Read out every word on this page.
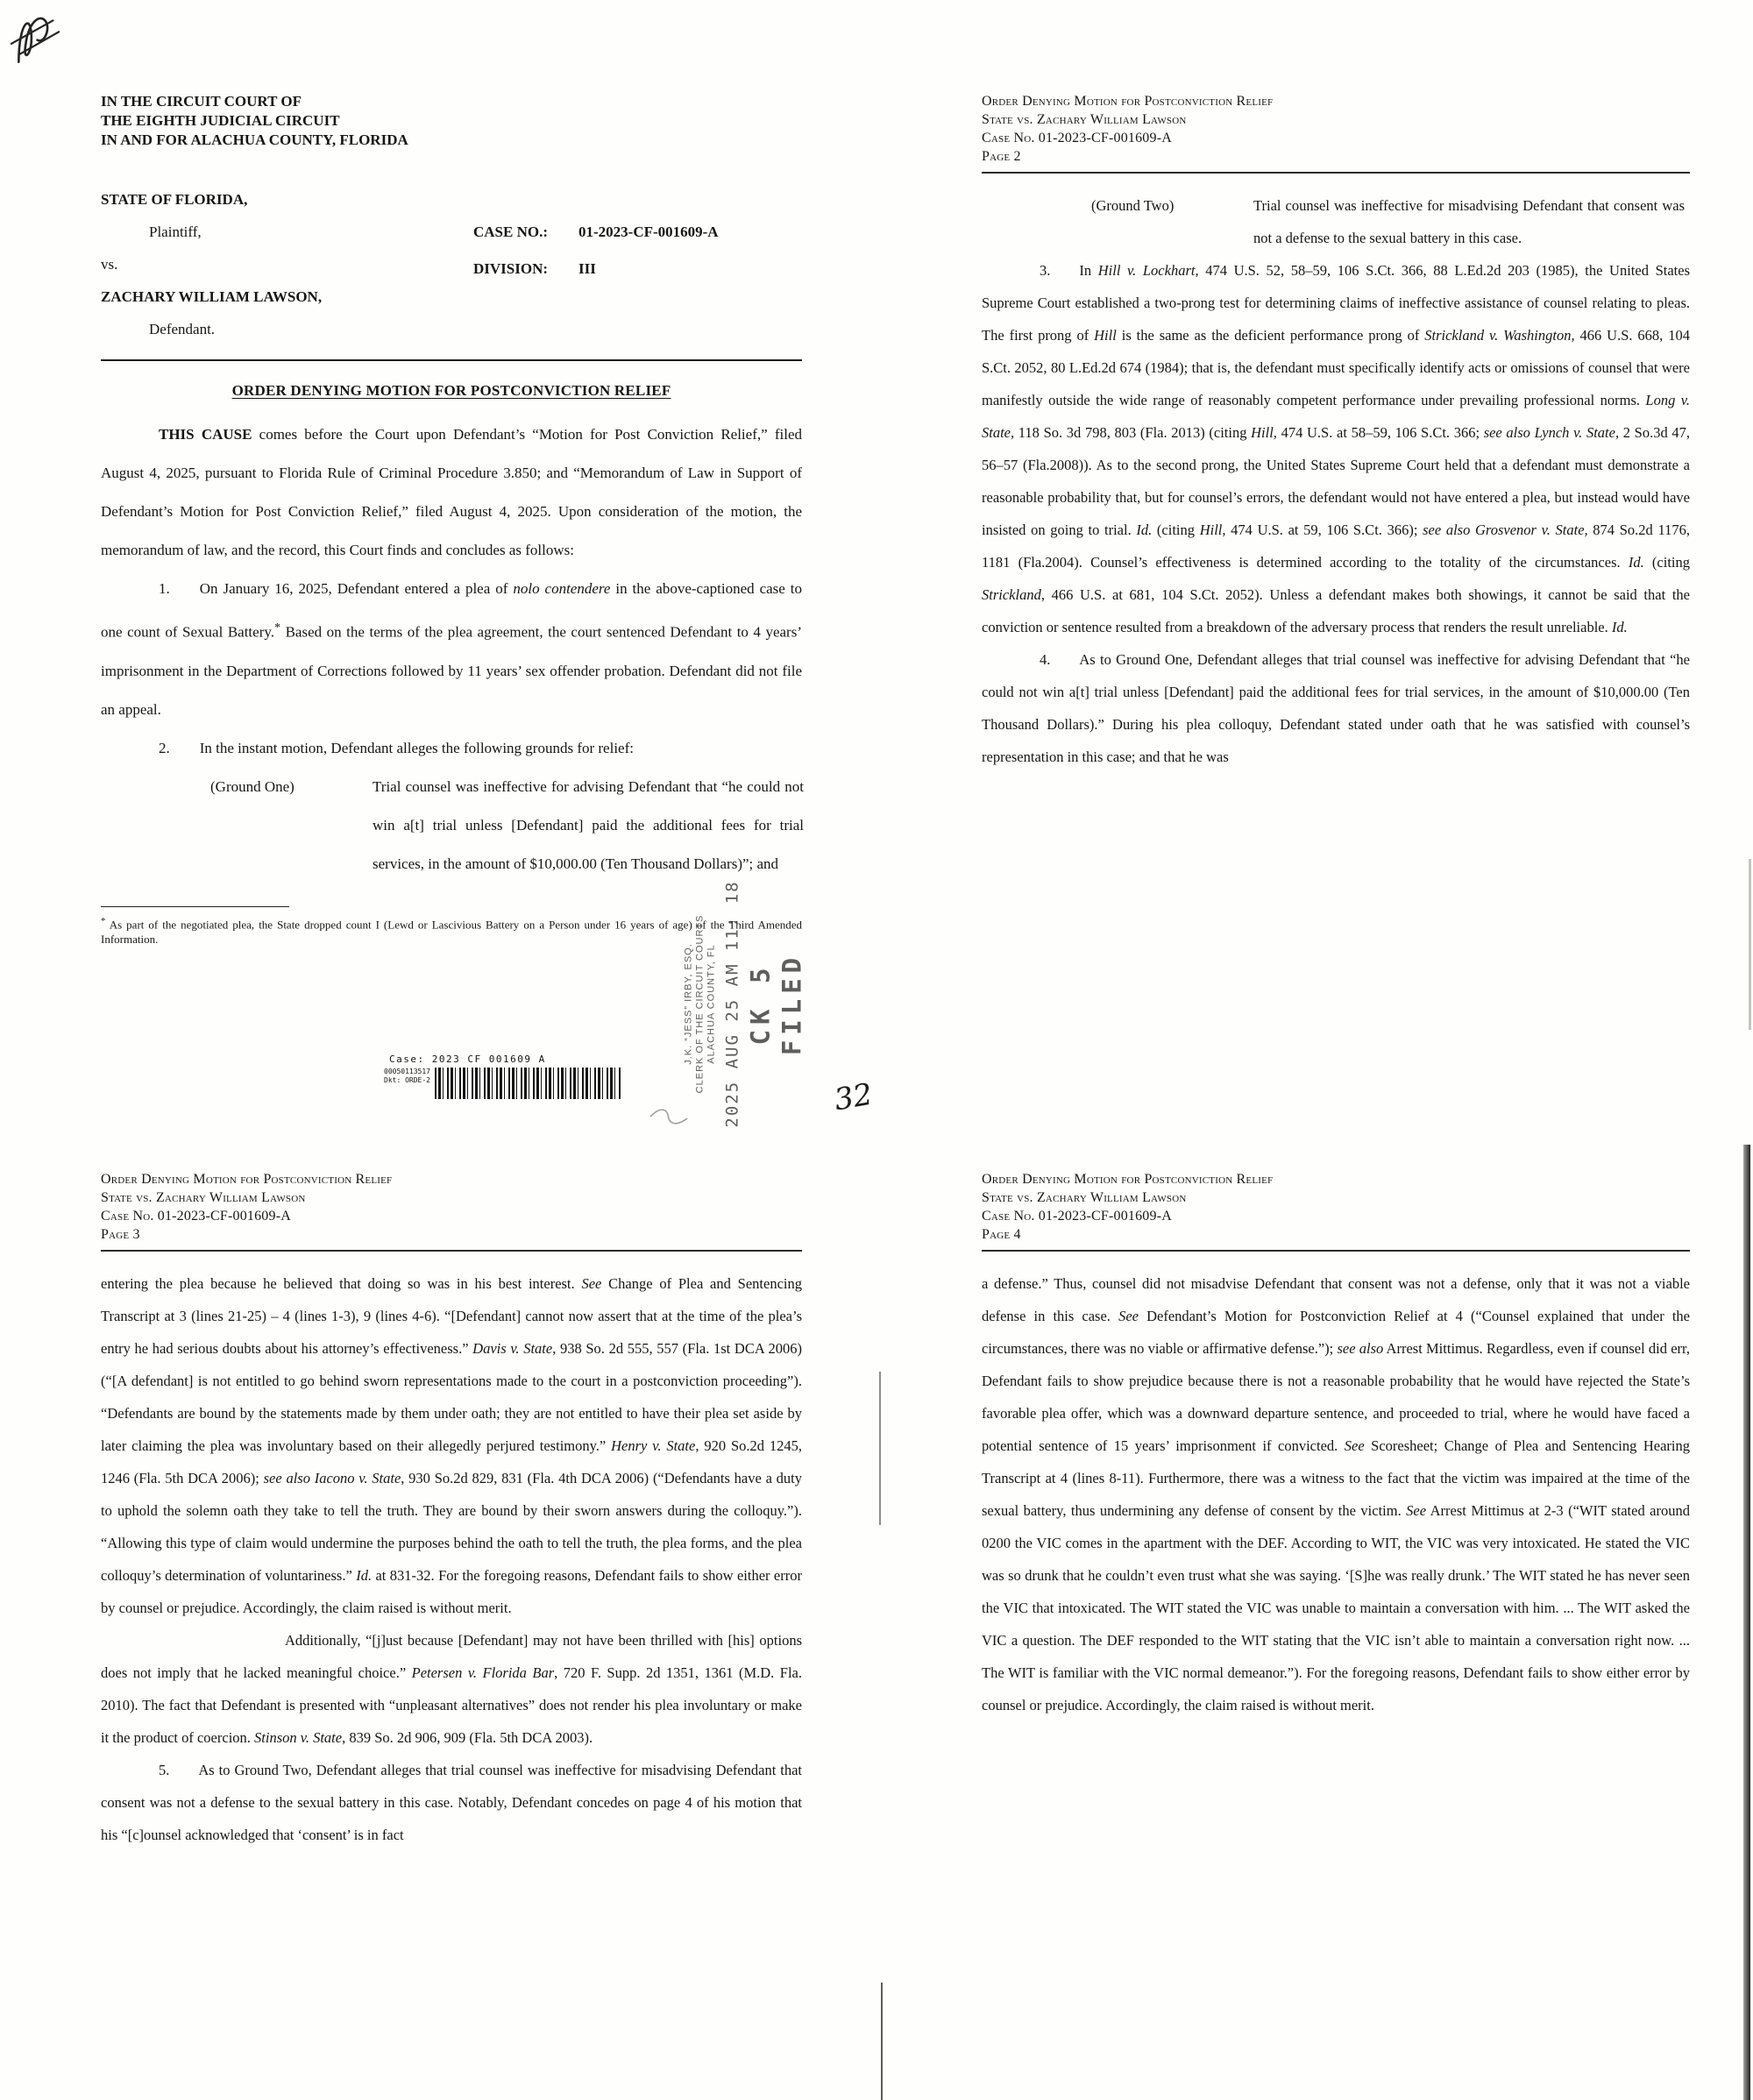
IN THE CIRCUIT COURT OF
THE EIGHTH JUDICIAL CIRCUIT
IN AND FOR ALACHUA COUNTY, FLORIDA
STATE OF FLORIDA,
Plaintiff,
vs.
ZACHARY WILLIAM LAWSON,
Defendant.
CASE NO.: 01-2023-CF-001609-A
DIVISION: III
ORDER DENYING MOTION FOR POSTCONVICTION RELIEF

THIS CAUSE comes before the Court upon Defendant’s “Motion for Post Conviction Relief,” filed August 4, 2025, pursuant to Florida Rule of Criminal Procedure 3.850; and “Memorandum of Law in Support of Defendant’s Motion for Post Conviction Relief,” filed August 4, 2025. Upon consideration of the motion, the memorandum of law, and the record, this Court finds and concludes as follows:

1.  On January 16, 2025, Defendant entered a plea of nolo contendere in the above-captioned case to one count of Sexual Battery.* Based on the terms of the plea agreement, the court sentenced Defendant to 4 years’ imprisonment in the Department of Corrections followed by 11 years’ sex offender probation. Defendant did not file an appeal.

2.  In the instant motion, Defendant alleges the following grounds for relief:

(Ground One)	Trial counsel was ineffective for advising Defendant that “he could not win a[t] trial unless [Defendant] paid the additional fees for trial services, in the amount of $10,000.00 (Ten Thousand Dollars)”; and
* As part of the negotiated plea, the State dropped count I (Lewd or Lascivious Battery on a Person under 16 years of age) of the Third Amended Information.
Order Denying Motion for Postconviction Relief
State vs. Zachary William Lawson
Case No. 01-2023-CF-001609-A
Page 2
(Ground Two)	Trial counsel was ineffective for misadvising Defendant that consent was not a defense to the sexual battery in this case.

3.  In Hill v. Lockhart, 474 U.S. 52, 58–59, 106 S.Ct. 366, 88 L.Ed.2d 203 (1985), the United States Supreme Court established a two-prong test for determining claims of ineffective assistance of counsel relating to pleas. The first prong of Hill is the same as the deficient performance prong of Strickland v. Washington, 466 U.S. 668, 104 S.Ct. 2052, 80 L.Ed.2d 674 (1984); that is, the defendant must specifically identify acts or omissions of counsel that were manifestly outside the wide range of reasonably competent performance under prevailing professional norms. Long v. State, 118 So. 3d 798, 803 (Fla. 2013) (citing Hill, 474 U.S. at 58–59, 106 S.Ct. 366; see also Lynch v. State, 2 So.3d 47, 56–57 (Fla.2008)). As to the second prong, the United States Supreme Court held that a defendant must demonstrate a reasonable probability that, but for counsel’s errors, the defendant would not have entered a plea, but instead would have insisted on going to trial. Id. (citing Hill, 474 U.S. at 59, 106 S.Ct. 366); see also Grosvenor v. State, 874 So.2d 1176, 1181 (Fla.2004). Counsel’s effectiveness is determined according to the totality of the circumstances. Id. (citing Strickland, 466 U.S. at 681, 104 S.Ct. 2052). Unless a defendant makes both showings, it cannot be said that the conviction or sentence resulted from a breakdown of the adversary process that renders the result unreliable. Id.

4.  As to Ground One, Defendant alleges that trial counsel was ineffective for advising Defendant that “he could not win a[t] trial unless [Defendant] paid the additional fees for trial services, in the amount of $10,000.00 (Ten Thousand Dollars).” During his plea colloquy, Defendant stated under oath that he was satisfied with counsel’s representation in this case; and that he was

Order Denying Motion for Postconviction Relief
State vs. Zachary William Lawson
Case No. 01-2023-CF-001609-A
Page 3

entering the plea because he believed that doing so was in his best interest. See Change of Plea and Sentencing Transcript at 3 (lines 21-25) – 4 (lines 1-3), 9 (lines 4-6). “[Defendant] cannot now assert that at the time of the plea’s entry he had serious doubts about his attorney’s effectiveness.” Davis v. State, 938 So. 2d 555, 557 (Fla. 1st DCA 2006) (“[A defendant] is not entitled to go behind sworn representations made to the court in a postconviction proceeding”). “Defendants are bound by the statements made by them under oath; they are not entitled to have their plea set aside by later claiming the plea was involuntary based on their allegedly perjured testimony.” Henry v. State, 920 So.2d 1245, 1246 (Fla. 5th DCA 2006); see also Iacono v. State, 930 So.2d 829, 831 (Fla. 4th DCA 2006) (“Defendants have a duty to uphold the solemn oath they take to tell the truth. They are bound by their sworn answers during the colloquy.”). “Allowing this type of claim would undermine the purposes behind the oath to tell the truth, the plea forms, and the plea colloquy’s determination of voluntariness.” Id. at 831-32. For the foregoing reasons, Defendant fails to show either error by counsel or prejudice. Accordingly, the claim raised is without merit.

Additionally, “[j]ust because [Defendant] may not have been thrilled with [his] options does not imply that he lacked meaningful choice.” Petersen v. Florida Bar, 720 F. Supp. 2d 1351, 1361 (M.D. Fla. 2010). The fact that Defendant is presented with “unpleasant alternatives” does not render his plea involuntary or make it the product of coercion. Stinson v. State, 839 So. 2d 906, 909 (Fla. 5th DCA 2003).

5.  As to Ground Two, Defendant alleges that trial counsel was ineffective for misadvising Defendant that consent was not a defense to the sexual battery in this case. Notably, Defendant concedes on page 4 of his motion that his “[c]ounsel acknowledged that ‘consent’ is in fact

Order Denying Motion for Postconviction Relief
State vs. Zachary William Lawson
Case No. 01-2023-CF-001609-A
Page 4

a defense.” Thus, counsel did not misadvise Defendant that consent was not a defense, only that it was not a viable defense in this case. See Defendant’s Motion for Postconviction Relief at 4 (“Counsel explained that under the circumstances, there was no viable or affirmative defense.”); see also Arrest Mittimus. Regardless, even if counsel did err, Defendant fails to show prejudice because there is not a reasonable probability that he would have rejected the State’s favorable plea offer, which was a downward departure sentence, and proceeded to trial, where he would have faced a potential sentence of 15 years’ imprisonment if convicted. See Scoresheet; Change of Plea and Sentencing Hearing Transcript at 4 (lines 8-11). Furthermore, there was a witness to the fact that the victim was impaired at the time of the sexual battery, thus undermining any defense of consent by the victim. See Arrest Mittimus at 2-3 (“WIT stated around 0200 the VIC comes in the apartment with the DEF. According to WIT, the VIC was very intoxicated. He stated the VIC was so drunk that he couldn’t even trust what she was saying. ‘[S]he was really drunk.’ The WIT stated he has never seen the VIC that intoxicated. The WIT stated the VIC was unable to maintain a conversation with him. ... The WIT asked the VIC a question. The DEF responded to the WIT stating that the VIC isn’t able to maintain a conversation right now. ... The WIT is familiar with the VIC normal demeanor.”). For the foregoing reasons, Defendant fails to show either error by counsel or prejudice. Accordingly, the claim raised is without merit.

J.K. “JESS” IRBY, ESQ. CLERK OF THE CIRCUIT COURTS ALACHUA COUNTY, FL 2025 AUG 25 AM 11: 18 CK 5 FILED
Case: 2023 CF 001609 A
00050113517
Dkt: ORDE-2	32
